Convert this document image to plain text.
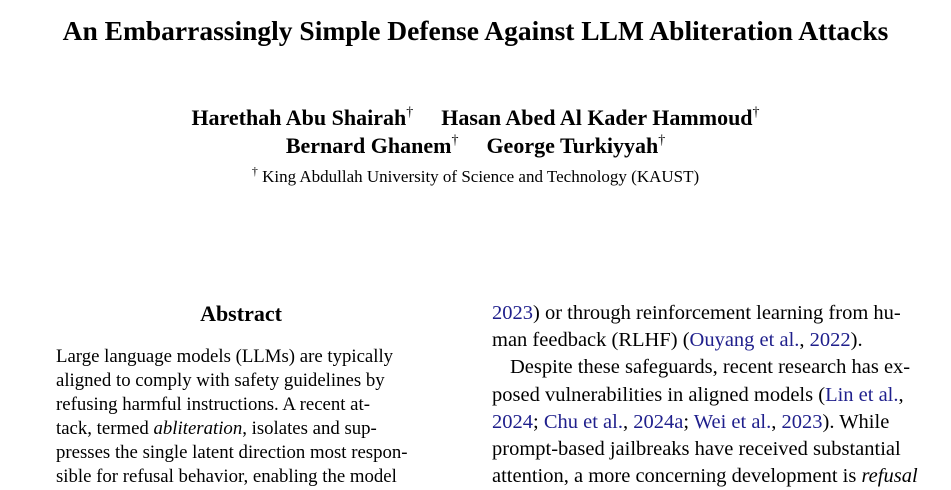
An Embarrassingly Simple Defense Against LLM Abliteration Attacks
Harethah Abu Shairah† Hasan Abed Al Kader Hammoud†
Bernard Ghanem† George Turkiyyah†
† King Abdullah University of Science and Technology (KAUST)
Abstract
Large language models (LLMs) are typically
aligned to comply with safety guidelines by
refusing harmful instructions. A recent at-
tack, termed abliteration, isolates and sup-
presses the single latent direction most respon-
sible for refusal behavior, enabling the model
2023) or through reinforcement learning from hu-
man feedback (RLHF) (Ouyang et al., 2022).
Despite these safeguards, recent research has ex-
posed vulnerabilities in aligned models (Lin et al.,
2024; Chu et al., 2024a; Wei et al., 2023). While
prompt-based jailbreaks have received substantial
attention, a more concerning development is refusal
